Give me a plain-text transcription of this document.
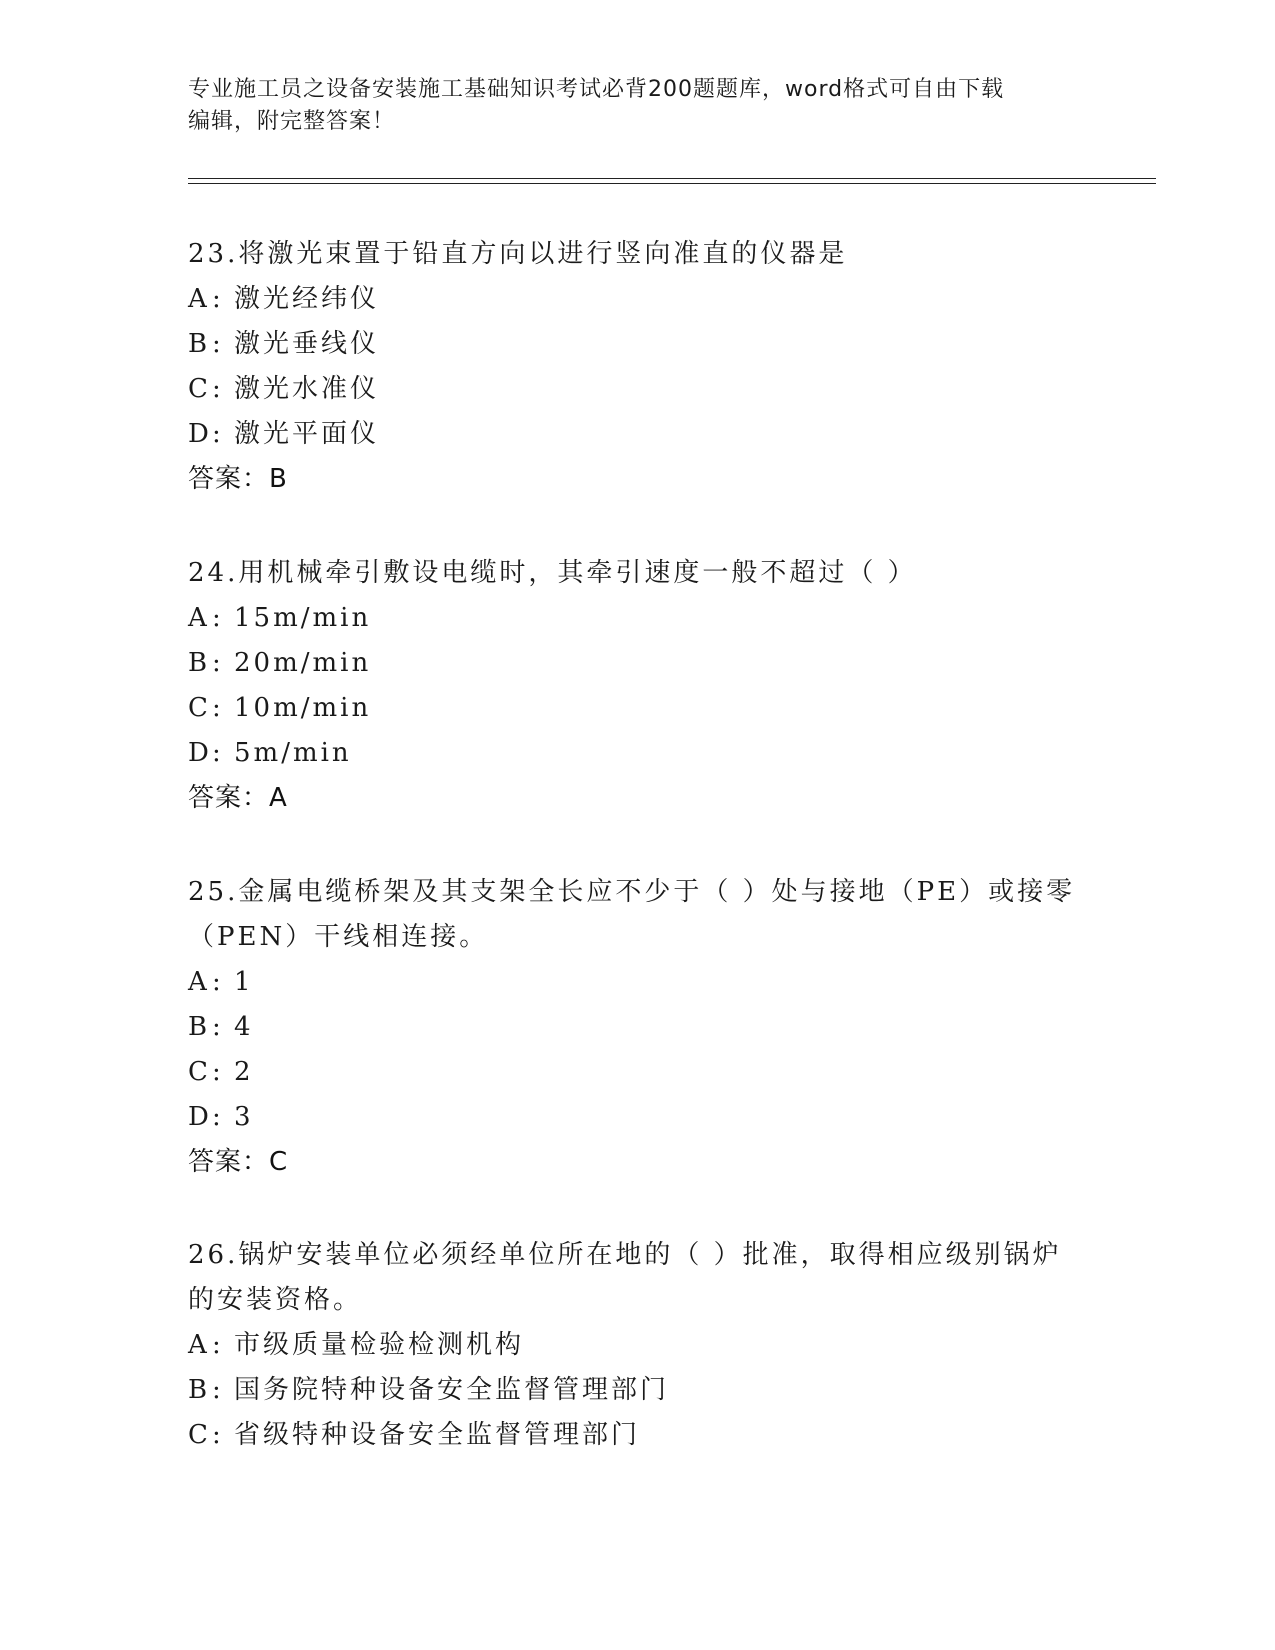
专业施工员之设备安装施工基础知识考试必背200题题库，word格式可自由下载
编辑，附完整答案！

23.将激光束置于铅直方向以进行竖向准直的仪器是

A: 激光经纬仪

B: 激光垂线仪

C: 激光水准仪

D: 激光平面仪

答案：B

24.用机械牵引敷设电缆时，其牵引速度一般不超过（ ）

A: 15m/min

B: 20m/min

C: 10m/min

D: 5m/min

答案：A

25.金属电缆桥架及其支架全长应不少于（ ）处与接地（PE）或接零（PEN）干线相连接。

A: 1

B: 4

C: 2

D: 3

答案：C

26.锅炉安装单位必须经单位所在地的（ ）批准，取得相应级别锅炉的安装资格。

A: 市级质量检验检测机构

B: 国务院特种设备安全监督管理部门

C: 省级特种设备安全监督管理部门
